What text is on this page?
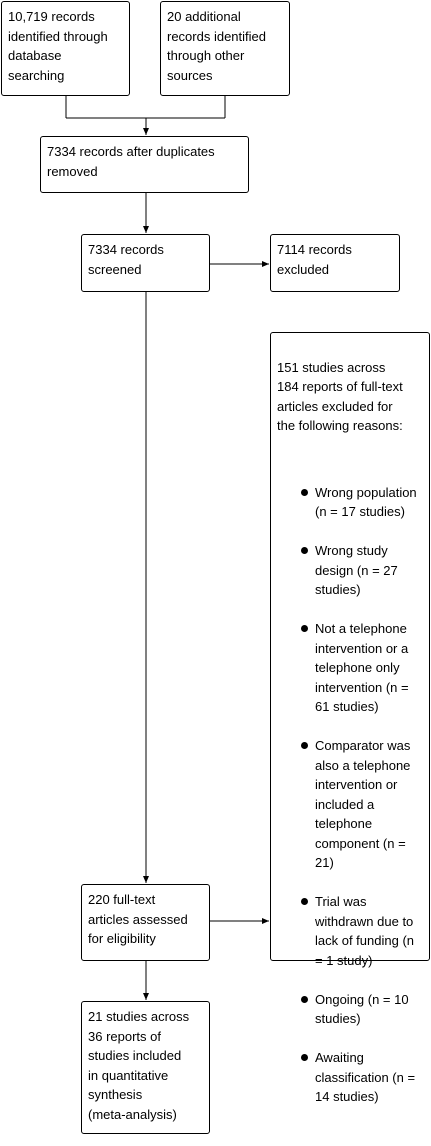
10,719 records
identified through
database
searching
20 additional
records identified
through other
sources
7334 records after duplicates
removed
7334 records
screened
7114 records
excluded

151 studies across
184 reports of full-text
articles excluded for
the following reasons:

Wrong population
(n = 17 studies)

Wrong study
design (n = 27
studies)

Not a telephone
intervention or a
telephone only
intervention (n =
61 studies)

Comparator was
also a telephone
intervention or
included a
telephone
component (n =
21)

Trial was
withdrawn due to
lack of funding (n
= 1 study)

Ongoing (n = 10
studies)

Awaiting
classification (n =
14 studies)

220 full-text
articles assessed
for eligibility
21 studies across
36 reports of
studies included
in quantitative
synthesis
(meta-analysis)
